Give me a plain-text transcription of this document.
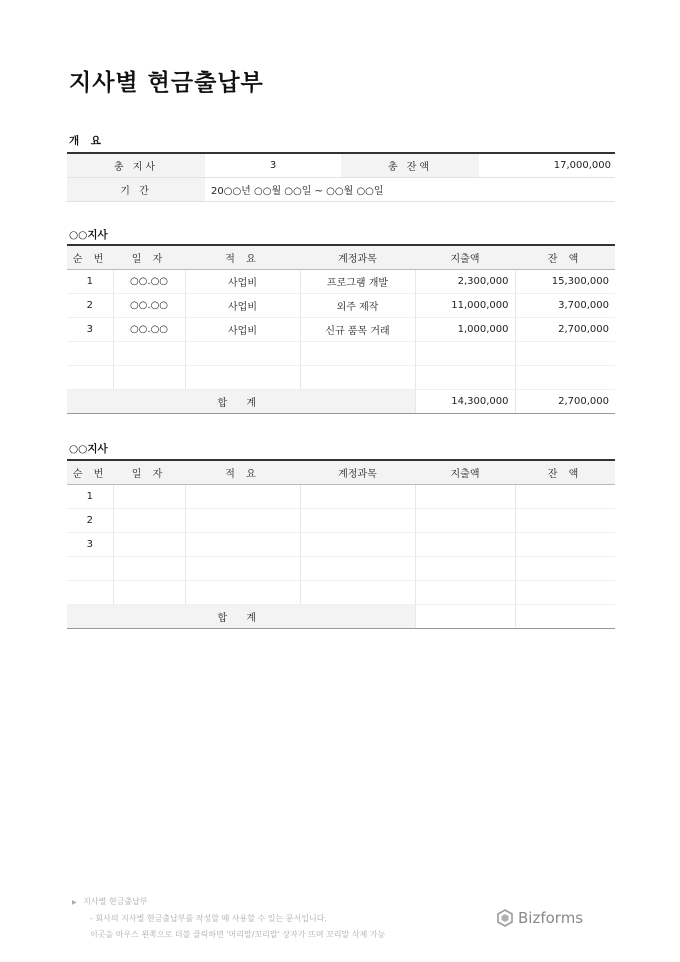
지사별 현금출납부
개 요
총 지사	3	총 잔액	17,000,000
기 간	20○○년 ○○월 ○○일 ~ ○○월 ○○일		
○○지사
순 번	일 자	적 요	계정과목	지출액	잔 액
1	○○.○○	사업비	프로그램 개발	2,300,000	15,300,000
2	○○.○○	사업비	외주 제작	11,000,000	3,700,000
3	○○.○○	사업비	신규 품목 거래	1,000,000	2,700,000

합 계				14,300,000	2,700,000
○○지사
순 번	일 자	적 요	계정과목	지출액	잔 액
1					
2					
3					

합 계					
▶ 지사별 현금출납부
- 회사의 지사별 현금출납부를 작성할 때 사용할 수 있는 문서입니다.
이곳을 마우스 왼쪽으로 더블 클릭하면 '머리말/꼬리말' 상자가 뜨며 꼬리말 삭제 가능
Bizforms
